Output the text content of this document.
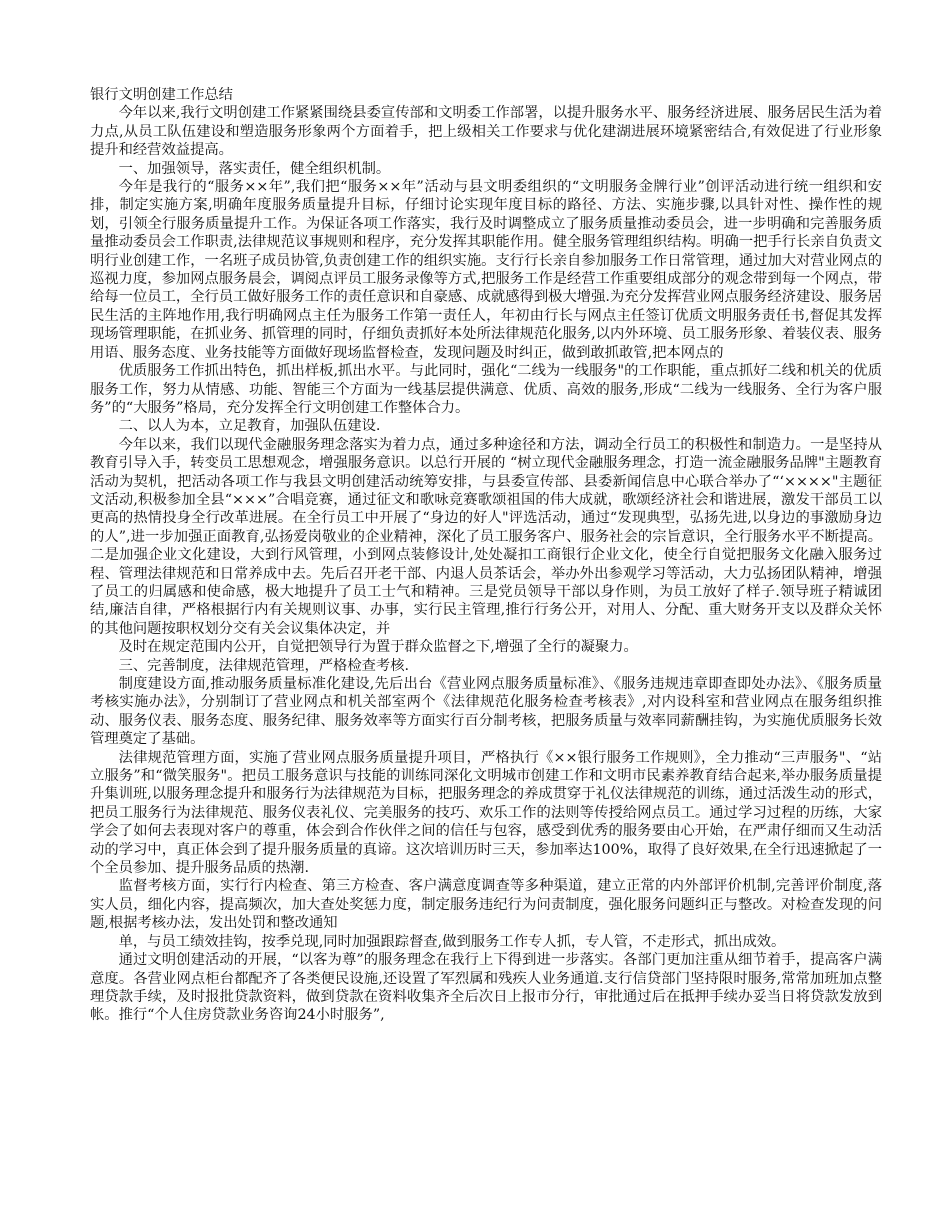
银行文明创建工作总结

今年以来,我行文明创建工作紧紧围绕县委宣传部和文明委工作部署，以提升服务水平、服务经济进展、服务居民生活为着力点,从员工队伍建设和塑造服务形象两个方面着手，把上级相关工作要求与优化建湖进展环境紧密结合,有效促进了行业形象提升和经营效益提高。

一、加强领导，落实责任，健全组织机制。

今年是我行的“服务××年”,我们把“服务××年”活动与县文明委组织的“文明服务金牌行业”创评活动进行统一组织和安排，制定实施方案,明确年度服务质量提升目标，仔细讨论实现年度目标的路径、方法、实施步骤,以具针对性、操作性的规划，引领全行服务质量提升工作。为保证各项工作落实，我行及时调整成立了服务质量推动委员会，进一步明确和完善服务质量推动委员会工作职责,法律规范议事规则和程序，充分发挥其职能作用。健全服务管理组织结构。明确一把手行长亲自负责文明行业创建工作，一名班子成员协管,负责创建工作的组织实施。支行行长亲自参加服务工作日常管理，通过加大对营业网点的巡视力度，参加网点服务晨会，调阅点评员工服务录像等方式,把服务工作是经营工作重要组成部分的观念带到每一个网点，带给每一位员工，全行员工做好服务工作的责任意识和自豪感、成就感得到极大增强.为充分发挥营业网点服务经济建设、服务居民生活的主阵地作用,我行明确网点主任为服务工作第一责任人，年初由行长与网点主任签订优质文明服务责任书,督促其发挥现场管理职能，在抓业务、抓管理的同时，仔细负责抓好本处所法律规范化服务,以内外环境、员工服务形象、着装仪表、服务用语、服务态度、业务技能等方面做好现场监督检查，发现问题及时纠正，做到敢抓敢管,把本网点的

优质服务工作抓出特色，抓出样板,抓出水平。与此同时，强化“二线为一线服务"的工作职能，重点抓好二线和机关的优质服务工作，努力从情感、功能、智能三个方面为一线基层提供满意、优质、高效的服务,形成“二线为一线服务、全行为客户服务”的“大服务”格局，充分发挥全行文明创建工作整体合力。

二、以人为本，立足教育，加强队伍建设.

今年以来，我们以现代金融服务理念落实为着力点，通过多种途径和方法，调动全行员工的积极性和制造力。一是坚持从教育引导入手，转变员工思想观念，增强服务意识。以总行开展的 “树立现代金融服务理念，打造一流金融服务品牌"主题教育活动为契机，把活动各项工作与我县文明创建活动统筹安排，与县委宣传部、县委新闻信息中心联合举办了“‘××××"主题征文活动,积极参加全县“×××”合唱竞赛，通过征文和歌咏竞赛歌颂祖国的伟大成就，歌颂经济社会和谐进展，激发干部员工以更高的热情投身全行改革进展。在全行员工中开展了“身边的好人"评选活动，通过“发现典型，弘扬先进,以身边的事激励身边的人”,进一步加强正面教育,弘扬爱岗敬业的企业精神，深化了员工服务客户、服务社会的宗旨意识，全行服务水平不断提高。二是加强企业文化建设，大到行风管理，小到网点装修设计,处处凝扣工商银行企业文化，使全行自觉把服务文化融入服务过程、管理法律规范和日常养成中去。先后召开老干部、内退人员茶话会，举办外出参观学习等活动，大力弘扬团队精神，增强了员工的归属感和使命感，极大地提升了员工士气和精神。三是党员领导干部以身作则，为员工放好了样子.领导班子精诚团结,廉洁自律，严格根据行内有关规则议事、办事，实行民主管理,推行行务公开，对用人、分配、重大财务开支以及群众关怀的其他问题按职权划分交有关会议集体决定，并

及时在规定范围内公开，自觉把领导行为置于群众监督之下,增强了全行的凝聚力。

三、完善制度，法律规范管理，严格检查考核.

制度建设方面,推动服务质量标准化建设,先后出台《营业网点服务质量标准》、《服务违规违章即查即处办法》、《服务质量考核实施办法》，分别制订了营业网点和机关部室两个《法律规范化服务检查考核表》,对内设科室和营业网点在服务组织推动、服务仪表、服务态度、服务纪律、服务效率等方面实行百分制考核，把服务质量与效率同薪酬挂钩，为实施优质服务长效管理奠定了基础。

法律规范管理方面，实施了营业网点服务质量提升项目，严格执行《××银行服务工作规则》，全力推动“三声服务"、“站立服务”和“微笑服务"。把员工服务意识与技能的训练同深化文明城市创建工作和文明市民素养教育结合起来,举办服务质量提升集训班,以服务理念提升和服务行为法律规范为目标，把服务理念的养成贯穿于礼仪法律规范的训练，通过活泼生动的形式，把员工服务行为法律规范、服务仪表礼仪、完美服务的技巧、欢乐工作的法则等传授给网点员工。通过学习过程的历练，大家学会了如何去表现对客户的尊重，体会到合作伙伴之间的信任与包容，感受到优秀的服务要由心开始，在严肃仔细而又生动活动的学习中，真正体会到了提升服务质量的真谛。这次培训历时三天，参加率达100%，取得了良好效果,在全行迅速掀起了一个全员参加、提升服务品质的热潮.

监督考核方面，实行行内检查、第三方检查、客户满意度调查等多种渠道，建立正常的内外部评价机制,完善评价制度,落实人员，细化内容，提高频次，加大查处奖惩力度，制定服务违纪行为问责制度，强化服务问题纠正与整改。对检查发现的问题,根据考核办法，发出处罚和整改通知

单，与员工绩效挂钩，按季兑现,同时加强跟踪督查,做到服务工作专人抓，专人管，不走形式，抓出成效。

通过文明创建活动的开展，“以客为尊”的服务理念在我行上下得到进一步落实。各部门更加注重从细节着手，提高客户满意度。各营业网点柜台都配齐了各类便民设施,还设置了军烈属和残疾人业务通道.支行信贷部门坚持限时服务,常常加班加点整理贷款手续，及时报批贷款资料，做到贷款在资料收集齐全后次日上报市分行，审批通过后在抵押手续办妥当日将贷款发放到帐。推行“个人住房贷款业务咨询24小时服务”,
